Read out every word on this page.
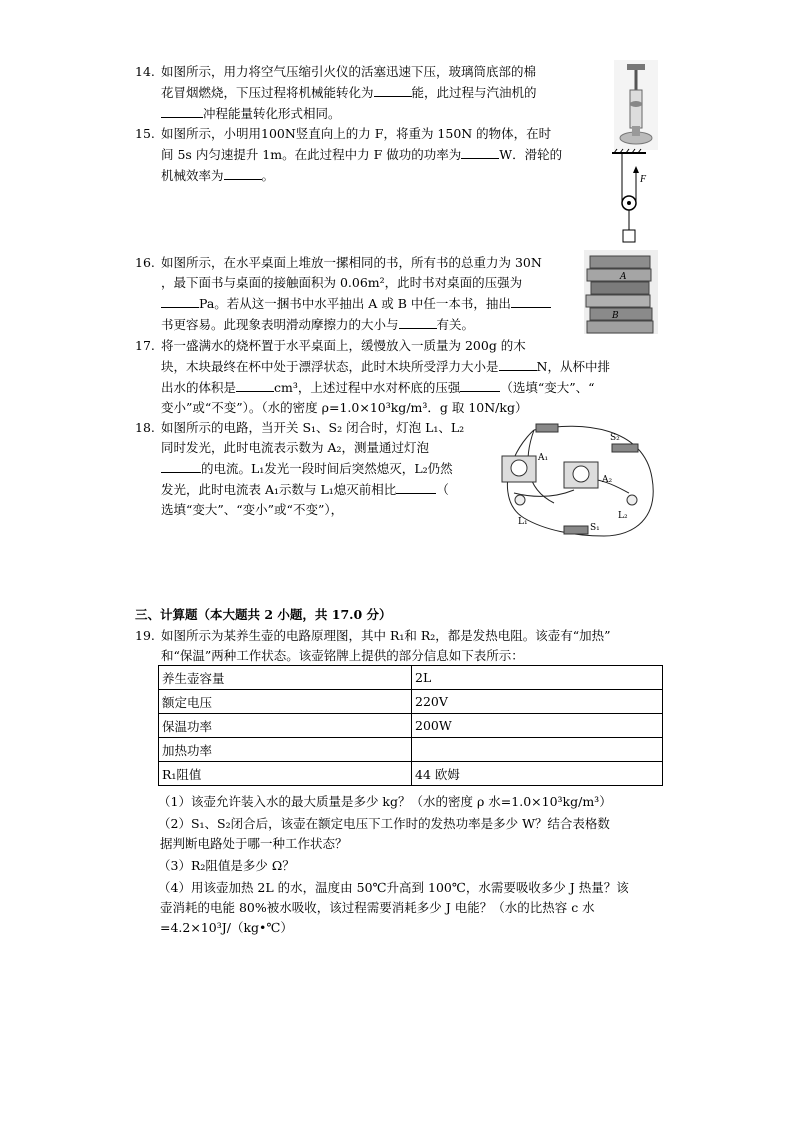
14. 如图所示，用力将空气压缩引火仪的活塞迅速下压，玻璃筒底部的棉
花冒烟燃烧，下压过程将机械能转化为	能，此过程与汽油机的
冲程能量转化形式相同。
15. 如图所示，小明用100N竖直向上的力 F，将重为 150N 的物体，在时
间 5s 内匀速提升 1m。在此过程中力 F 做功的功率为	W．滑轮的
机械效率为	。	F
16. 如图所示，在水平桌面上堆放一摞相同的书，所有书的总重力为 30N
，最下面书与桌面的接触面积为 0.06m²，此时书对桌面的压强为
Pa。若从这一捆书中水平抽出 A 或 B 中任一本书，抽出
书更容易。此现象表明滑动摩擦力的大小与	有关。
A
B
17. 将一盛满水的烧杯置于水平桌面上，缓慢放入一质量为 200g 的木
块，木块最终在杯中处于漂浮状态，此时木块所受浮力大小是	N，从杯中排
出水的体积是	cm³，上述过程中水对杯底的压强	（选填“变大”、“
变小”或“不变”）。（水的密度 ρ=1.0×10³kg/m³．g 取 10N/kg）
18. 如图所示的电路，当开关 S₁、S₂ 闭合时，灯泡 L₁、L₂
同时发光，此时电流表示数为 A₂，测量通过灯泡
的电流。L₁发光一段时间后突然熄灭，L₂仍然
发光，此时电流表 A₁示数与 L₁熄灭前相比	（
选填“变大”、“变小”或“不变”），
S₂
A₁
A₂
L₁
L₂
S₁
三、计算题（本大题共 2 小题，共 17.0 分）
19. 如图所示为某养生壶的电路原理图，其中 R₁和 R₂，都是发热电阻。该壶有“加热”
和“保温”两种工作状态。该壶铭牌上提供的部分信息如下表所示：
养生壶容量	2L
额定电压	220V
保温功率	200W
加热功率	
R₁阻值	44 欧姆
（1）该壶允许装入水的最大质量是多少 kg？（水的密度 ρ 水=1.0×10³kg/m³）
（2）S₁、S₂闭合后，该壶在额定电压下工作时的发热功率是多少 W？结合表格数
据判断电路处于哪一种工作状态？
（3）R₂阻值是多少 Ω？
（4）用该壶加热 2L 的水，温度由 50℃升高到 100℃，水需要吸收多少 J 热量？该
壶消耗的电能 80%被水吸收，该过程需要消耗多少 J 电能？（水的比热容 c 水
=4.2×10³J/（kg•℃）
